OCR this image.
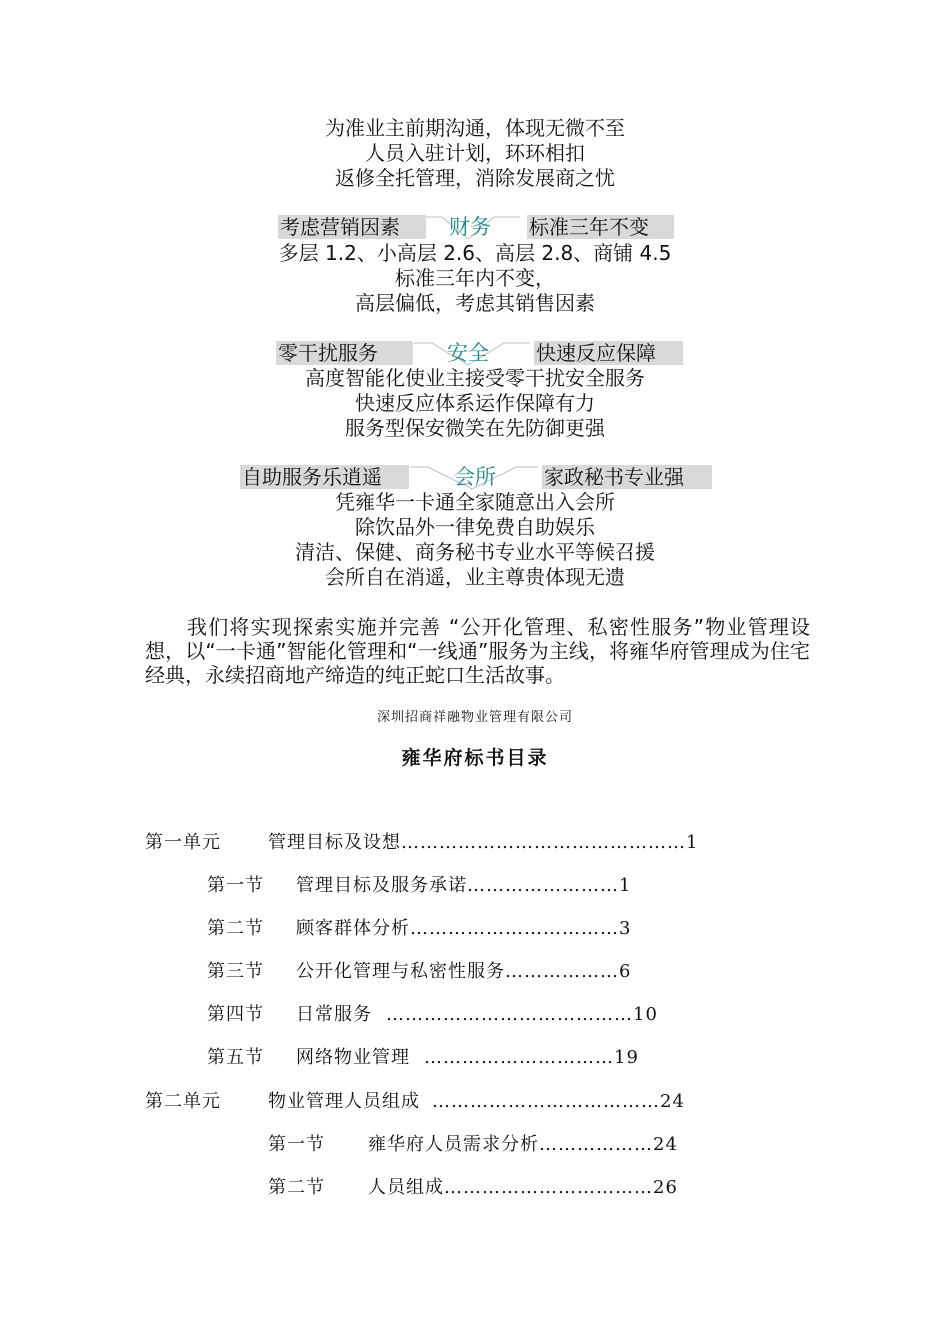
为准业主前期沟通，体现无微不至
人员入驻计划，环环相扣
返修全托管理，消除发展商之忧
考虑营销因素	财务	标准三年不变
多层 1.2、小高层 2.6、高层 2.8、商铺 4.5
标准三年内不变，
高层偏低，考虑其销售因素
零干扰服务	安全	快速反应保障
高度智能化使业主接受零干扰安全服务
快速反应体系运作保障有力
服务型保安微笑在先防御更强
自助服务乐逍遥	会所	家政秘书专业强
凭雍华一卡通全家随意出入会所
除饮品外一律免费自助娱乐
清洁、保健、商务秘书专业水平等候召援
会所自在消遥，业主尊贵体现无遗
我们将实现探索实施并完善 “公开化管理、私密性服务”物业管理设想，以“一卡通”智能化管理和“一线通”服务为主线，将雍华府管理成为住宅经典，永续招商地产缔造的纯正蛇口生活故事。
深圳招商祥融物业管理有限公司
雍华府标书目录
第一单元	管理目标及设想………………………………………1
第一节 管理目标及服务承诺……………………1
第二节 顾客群体分析……………………………3
第三节 公开化管理与私密性服务………………6
第四节 日常服务 …………………………………10
第五节 网络物业管理 …………………………19
第二单元	物业管理人员组成 ………………………………24
第一节 雍华府人员需求分析………………24
第二节 人员组成……………………………26
